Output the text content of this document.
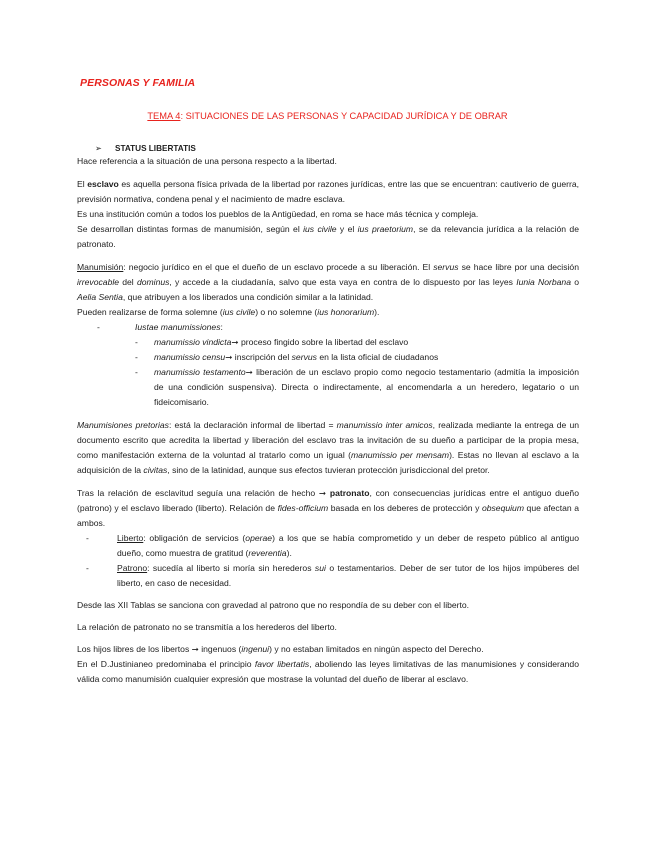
PERSONAS Y FAMILIA
TEMA 4: SITUACIONES DE LAS PERSONAS Y CAPACIDAD JURÍDICA Y DE OBRAR
➢ STATUS LIBERTATIS

Hace referencia a la situación de una persona respecto a la libertad.

El esclavo es aquella persona física privada de la libertad por razones jurídicas, entre las que se encuentran: cautiverio de guerra, previsión normativa, condena penal y el nacimiento de madre esclava.

Es una institución común a todos los pueblos de la Antigüedad, en roma se hace más técnica y compleja.

Se desarrollan distintas formas de manumisión, según el ius civile y el ius praetorium, se da relevancia jurídica a la relación de patronato.

Manumisión: negocio jurídico en el que el dueño de un esclavo procede a su liberación. El servus se hace libre por una decisión irrevocable del dominus, y accede a la ciudadanía, salvo que esta vaya en contra de lo dispuesto por las leyes Iunia Norbana o Aelia Sentia, que atribuyen a los liberados una condición similar a la latinidad.

Pueden realizarse de forma solemne (ius civile) o no solemne (ius honorarium).

-	Iustae manumissiones:
- manumissio vindicta➞ proceso fingido sobre la libertad del esclavo
- manumissio censu➞ inscripción del servus en la lista oficial de ciudadanos
- manumissio testamento➞ liberación de un esclavo propio como negocio testamentario (admitía la imposición de una condición suspensiva). Directa o indirectamente, al encomendarla a un heredero, legatario o un fideicomisario.

Manumisiones pretorias: está la declaración informal de libertad = manumissio inter amicos, realizada mediante la entrega de un documento escrito que acredita la libertad y liberación del esclavo tras la invitación de su dueño a participar de la propia mesa, como manifestación externa de la voluntad al tratarlo como un igual (manumissio per mensam). Estas no llevan al esclavo a la adquisición de la civitas, sino de la latinidad, aunque sus efectos tuvieran protección jurisdiccional del pretor.

Tras la relación de esclavitud seguía una relación de hecho ➞ patronato, con consecuencias jurídicas entre el antiguo dueño (patrono) y el esclavo liberado (liberto). Relación de fides-officium basada en los deberes de protección y obsequium que afectan a ambos.

-	Liberto: obligación de servicios (operae) a los que se había comprometido y un deber de respeto público al antiguo dueño, como muestra de gratitud (reverentia).
-	Patrono: sucedía al liberto si moría sin herederos sui o testamentarios. Deber de ser tutor de los hijos impúberes del liberto, en caso de necesidad.

Desde las XII Tablas se sanciona con gravedad al patrono que no respondía de su deber con el liberto.

La relación de patronato no se transmitía a los herederos del liberto.

Los hijos libres de los libertos ➞ ingenuos (ingenui) y no estaban limitados en ningún aspecto del Derecho.

En el D.Justinianeo predominaba el principio favor libertatis, aboliendo las leyes limitativas de las manumisiones y considerando válida como manumisión cualquier expresión que mostrase la voluntad del dueño de liberar al esclavo.
